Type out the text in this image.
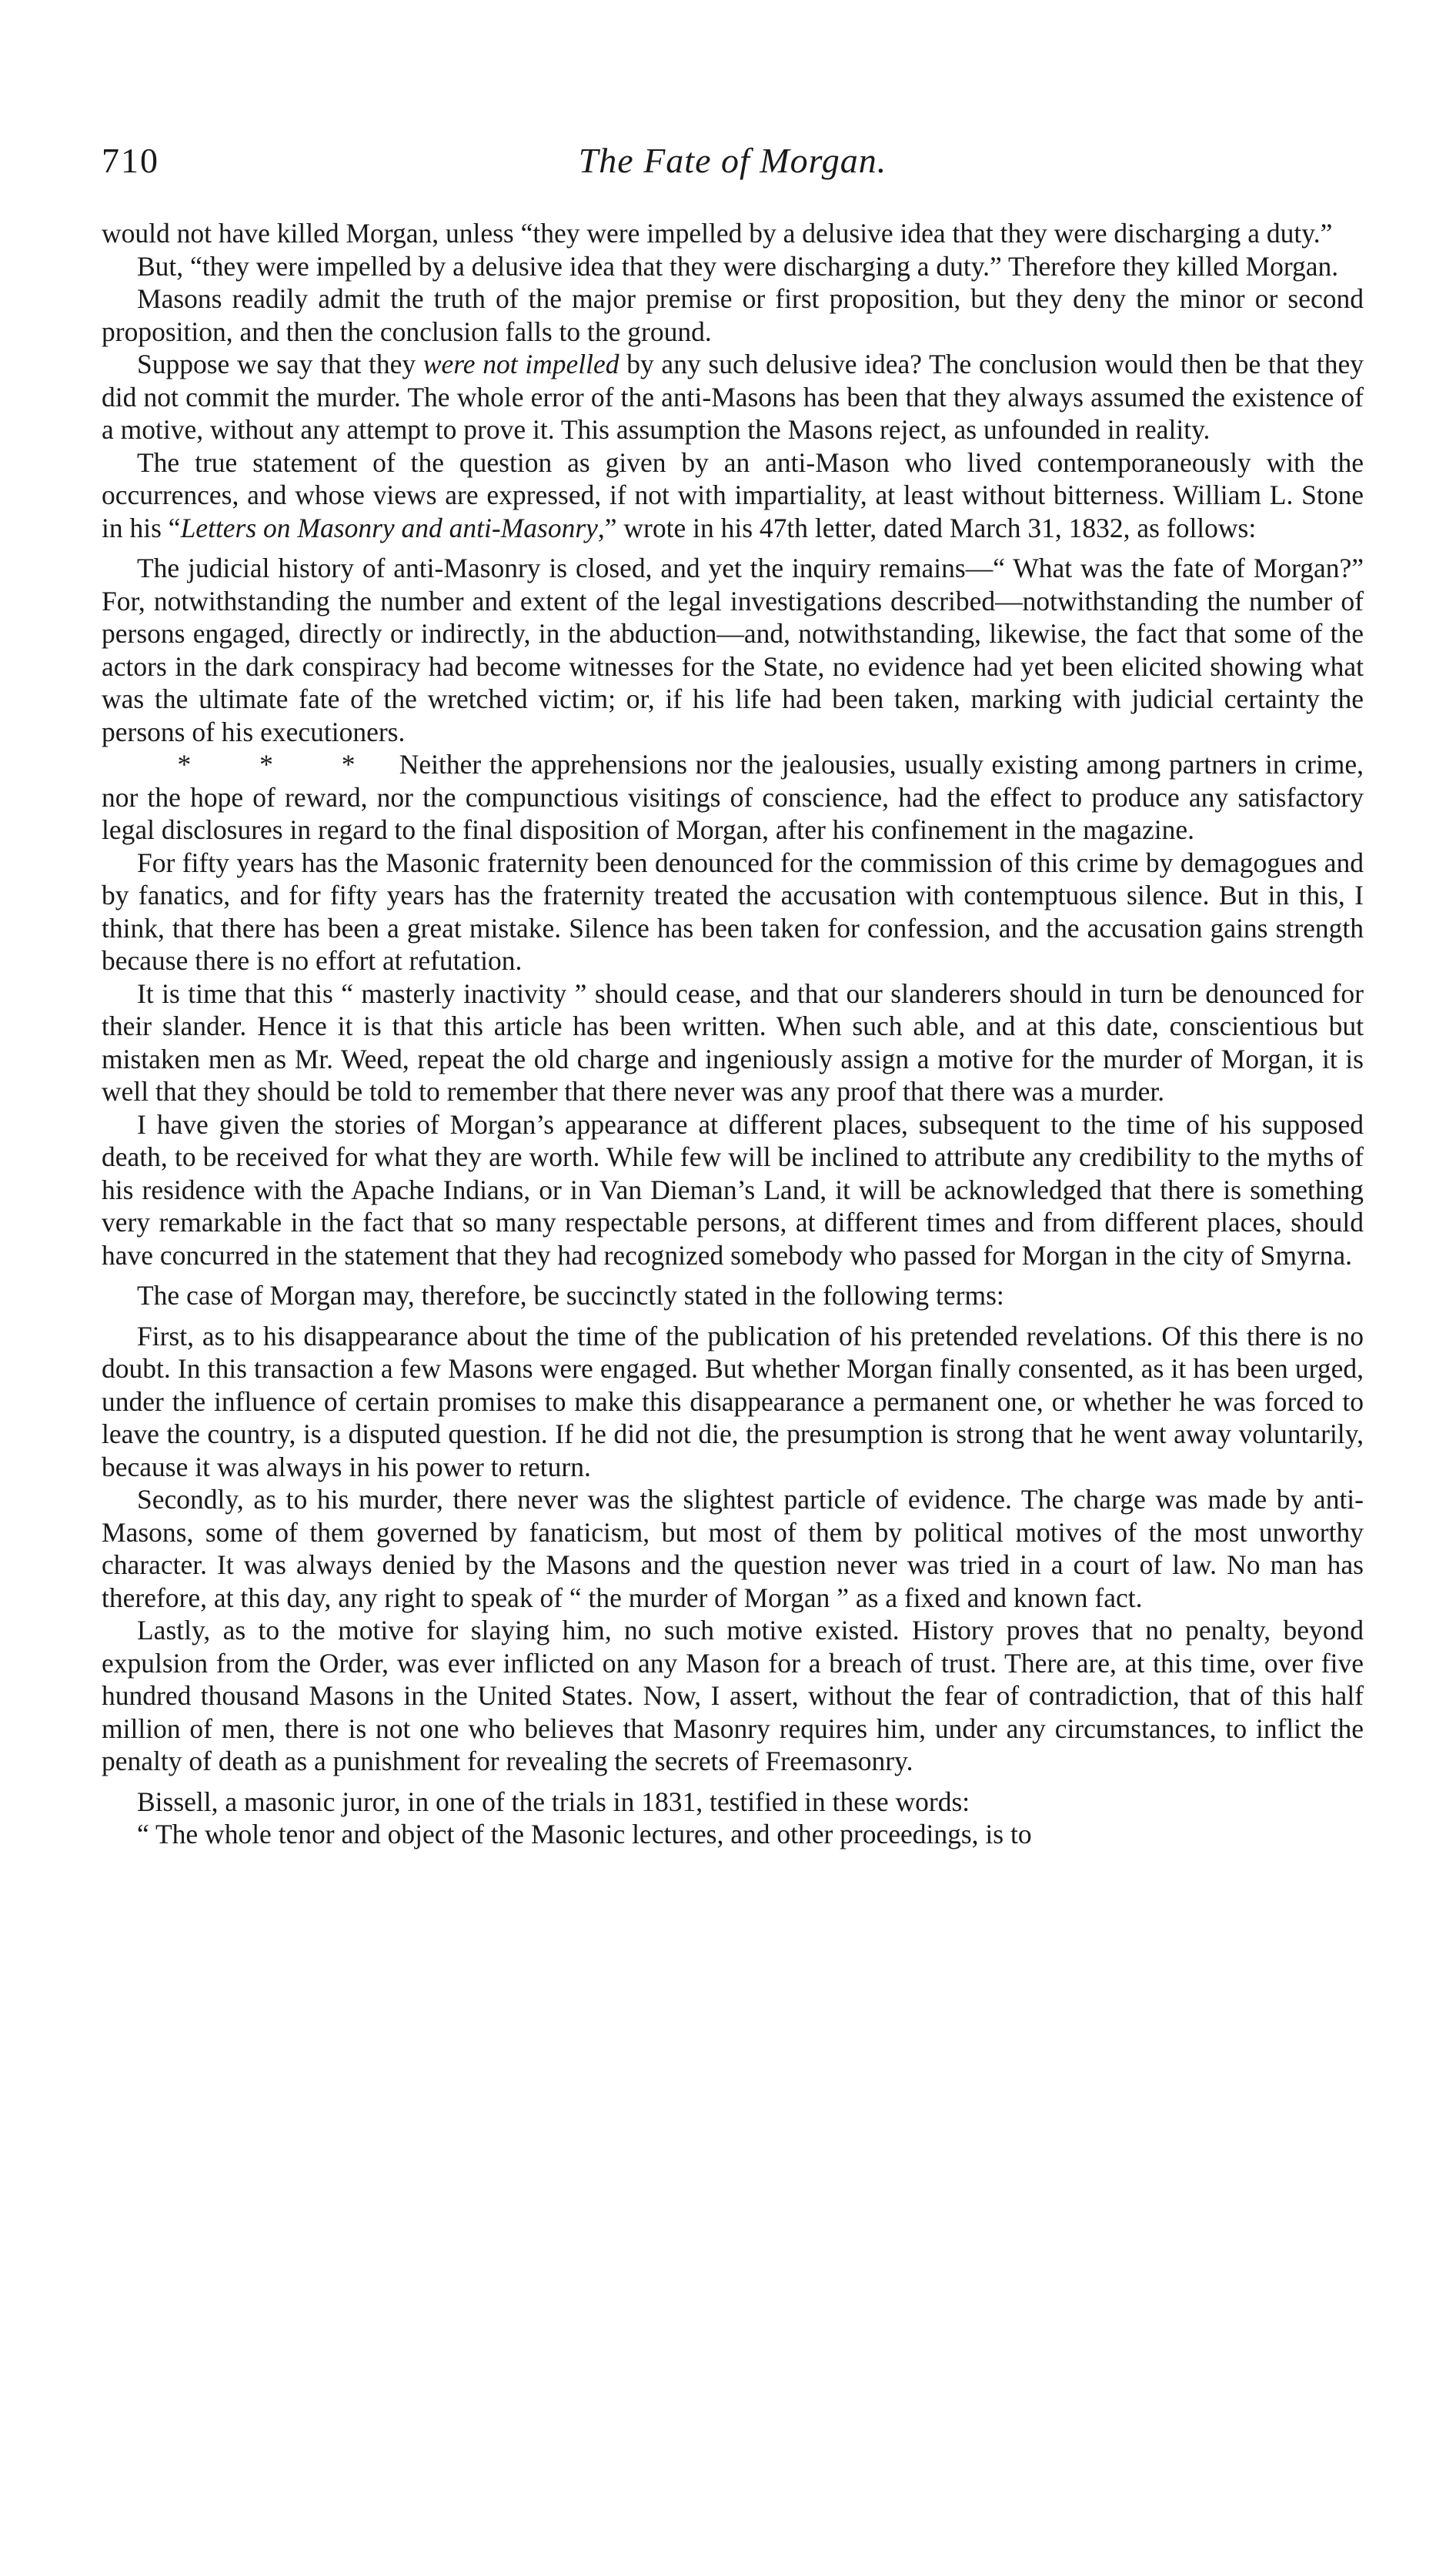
710	The Fate of Morgan.

would not have killed Morgan, unless “they were impelled by a delusive idea that they were discharging a duty.”

But, “they were impelled by a delusive idea that they were discharging a duty.” Therefore they killed Morgan.

Masons readily admit the truth of the major premise or first proposition, but they deny the minor or second proposition, and then the conclusion falls to the ground.

Suppose we say that they were not impelled by any such delusive idea? The conclusion would then be that they did not commit the murder. The whole error of the anti-Masons has been that they always assumed the existence of a motive, without any attempt to prove it. This assumption the Masons reject, as unfounded in reality.

The true statement of the question as given by an anti-Mason who lived contemporaneously with the occurrences, and whose views are expressed, if not with impartiality, at least without bitterness. William L. Stone in his “Letters on Masonry and anti-Masonry,” wrote in his 47th letter, dated March 31, 1832, as follows:

The judicial history of anti-Masonry is closed, and yet the inquiry remains—“ What was the fate of Morgan?” For, notwithstanding the number and extent of the legal investigations described—notwithstanding the number of persons engaged, directly or indirectly, in the abduction—and, notwithstanding, likewise, the fact that some of the actors in the dark conspiracy had become witnesses for the State, no evidence had yet been elicited showing what was the ultimate fate of the wretched victim; or, if his life had been taken, marking with judicial certainty the persons of his executioners.

* * * Neither the apprehensions nor the jealousies, usually existing among partners in crime, nor the hope of reward, nor the compunctious visitings of conscience, had the effect to produce any satisfactory legal disclosures in regard to the final disposition of Morgan, after his confinement in the magazine.

For fifty years has the Masonic fraternity been denounced for the commission of this crime by demagogues and by fanatics, and for fifty years has the fraternity treated the accusation with contemptuous silence. But in this, I think, that there has been a great mistake. Silence has been taken for confession, and the accusation gains strength because there is no effort at refutation.

It is time that this “ masterly inactivity ” should cease, and that our slanderers should in turn be denounced for their slander. Hence it is that this article has been written. When such able, and at this date, conscientious but mistaken men as Mr. Weed, repeat the old charge and ingeniously assign a motive for the murder of Morgan, it is well that they should be told to remember that there never was any proof that there was a murder.

I have given the stories of Morgan’s appearance at different places, subsequent to the time of his supposed death, to be received for what they are worth. While few will be inclined to attribute any credibility to the myths of his residence with the Apache Indians, or in Van Dieman’s Land, it will be acknowledged that there is something very remarkable in the fact that so many respectable persons, at different times and from different places, should have concurred in the statement that they had recognized somebody who passed for Morgan in the city of Smyrna.

The case of Morgan may, therefore, be succinctly stated in the following terms:

First, as to his disappearance about the time of the publication of his pretended revelations. Of this there is no doubt. In this transaction a few Masons were engaged. But whether Morgan finally consented, as it has been urged, under the influence of certain promises to make this disappearance a permanent one, or whether he was forced to leave the country, is a disputed question. If he did not die, the presumption is strong that he went away voluntarily, because it was always in his power to return.

Secondly, as to his murder, there never was the slightest particle of evidence. The charge was made by anti-Masons, some of them governed by fanaticism, but most of them by political motives of the most unworthy character. It was always denied by the Masons and the question never was tried in a court of law. No man has therefore, at this day, any right to speak of “ the murder of Morgan ” as a fixed and known fact.

Lastly, as to the motive for slaying him, no such motive existed. History proves that no penalty, beyond expulsion from the Order, was ever inflicted on any Mason for a breach of trust. There are, at this time, over five hundred thousand Masons in the United States. Now, I assert, without the fear of contradiction, that of this half million of men, there is not one who believes that Masonry requires him, under any circumstances, to inflict the penalty of death as a punishment for revealing the secrets of Freemasonry.

Bissell, a masonic juror, in one of the trials in 1831, testified in these words:

“ The whole tenor and object of the Masonic lectures, and other proceedings, is to
